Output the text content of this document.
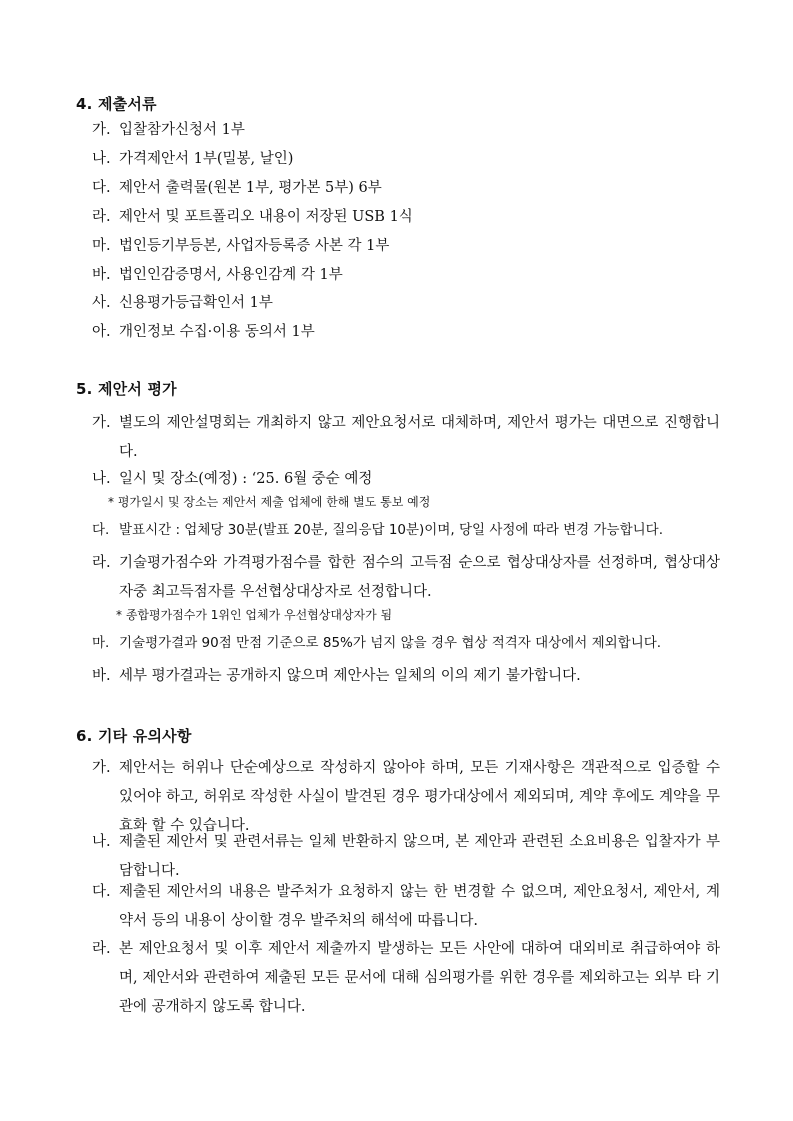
4. 제출서류
가. 입찰참가신청서 1부
나. 가격제안서 1부(밀봉, 날인)
다. 제안서 출력물(원본 1부, 평가본 5부) 6부
라. 제안서 및 포트폴리오 내용이 저장된 USB 1식
마. 법인등기부등본, 사업자등록증 사본 각 1부
바. 법인인감증명서, 사용인감계 각 1부
사. 신용평가등급확인서 1부
아. 개인정보 수집·이용 동의서 1부
5. 제안서 평가
가. 별도의 제안설명회는 개최하지 않고 제안요청서로 대체하며, 제안서 평가는 대면으로 진행합니다.
나. 일시 및 장소(예정) : ‘25. 6월 중순 예정
* 평가일시 및 장소는 제안서 제출 업체에 한해 별도 통보 예정
다. 발표시간 : 업체당 30분(발표 20분, 질의응답 10분)이며, 당일 사정에 따라 변경 가능합니다.
라. 기술평가점수와 가격평가점수를 합한 점수의 고득점 순으로 협상대상자를 선정하며, 협상대상자중 최고득점자를 우선협상대상자로 선정합니다.
* 종합평가점수가 1위인 업체가 우선협상대상자가 됨
마. 기술평가결과 90점 만점 기준으로 85%가 넘지 않을 경우 협상 적격자 대상에서 제외합니다.
바. 세부 평가결과는 공개하지 않으며 제안사는 일체의 이의 제기 불가합니다.
6. 기타 유의사항
가. 제안서는 허위나 단순예상으로 작성하지 않아야 하며, 모든 기재사항은 객관적으로 입증할 수 있어야 하고, 허위로 작성한 사실이 발견된 경우 평가대상에서 제외되며, 계약 후에도 계약을 무효화 할 수 있습니다.
나. 제출된 제안서 및 관련서류는 일체 반환하지 않으며, 본 제안과 관련된 소요비용은 입찰자가 부담합니다.
다. 제출된 제안서의 내용은 발주처가 요청하지 않는 한 변경할 수 없으며, 제안요청서, 제안서, 계약서 등의 내용이 상이할 경우 발주처의 해석에 따릅니다.
라. 본 제안요청서 및 이후 제안서 제출까지 발생하는 모든 사안에 대하여 대외비로 취급하여야 하며, 제안서와 관련하여 제출된 모든 문서에 대해 심의평가를 위한 경우를 제외하고는 외부 타 기관에 공개하지 않도록 합니다.
